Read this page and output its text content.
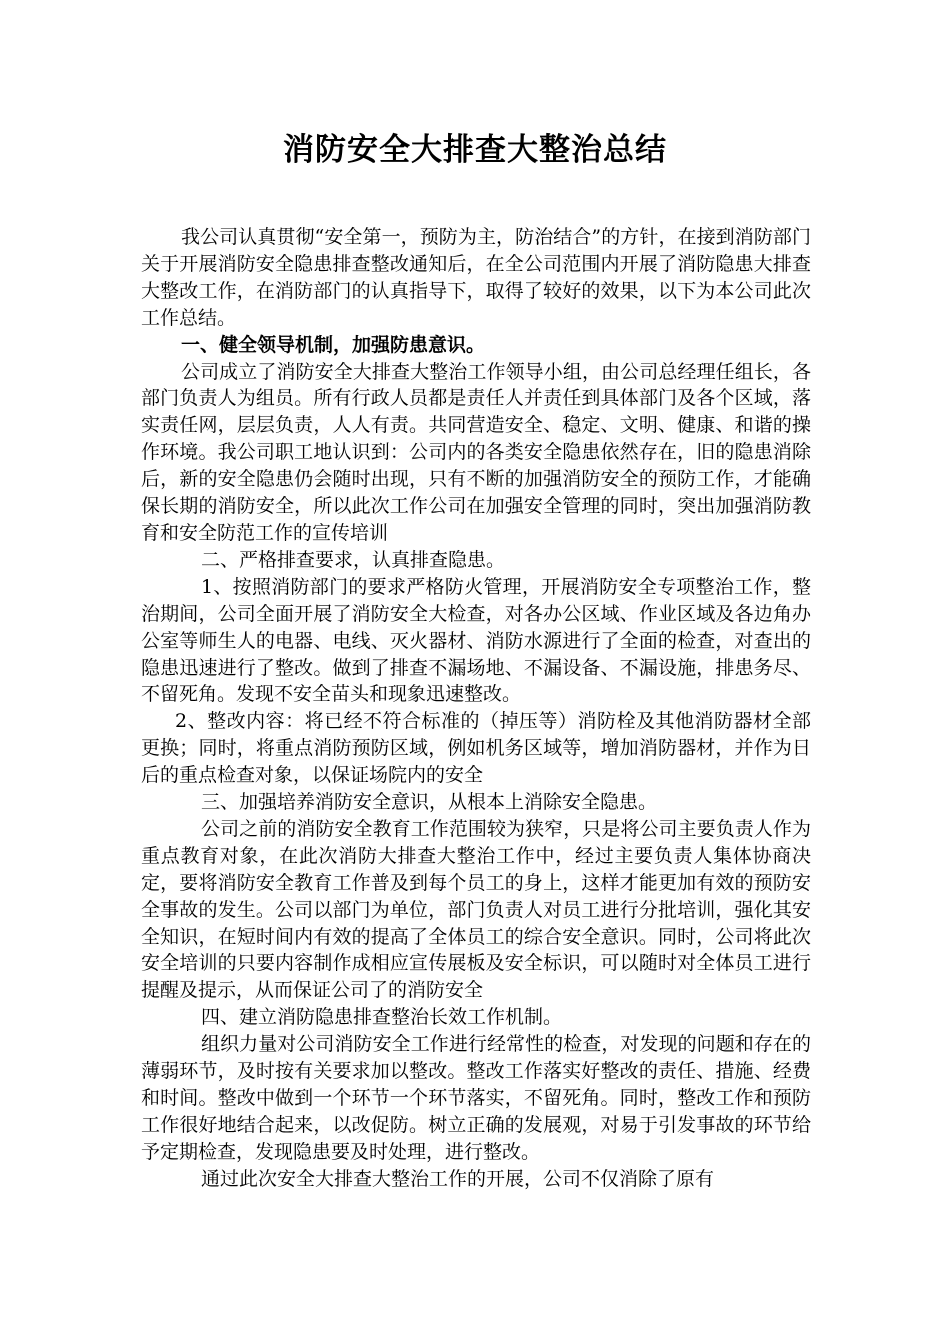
消防安全大排查大整治总结

我公司认真贯彻“安全第一，预防为主，防治结合”的方针，在接到消防部门关于开展消防安全隐患排查整改通知后，在全公司范围内开展了消防隐患大排查大整改工作，在消防部门的认真指导下，取得了较好的效果，以下为本公司此次工作总结。

一、健全领导机制，加强防患意识。

公司成立了消防安全大排查大整治工作领导小组，由公司总经理任组长，各部门负责人为组员。所有行政人员都是责任人并责任到具体部门及各个区域，落实责任网，层层负责，人人有责。共同营造安全、稳定、文明、健康、和谐的操作环境。我公司职工地认识到：公司内的各类安全隐患依然存在，旧的隐患消除后，新的安全隐患仍会随时出现，只有不断的加强消防安全的预防工作，才能确保长期的消防安全，所以此次工作公司在加强安全管理的同时，突出加强消防教育和安全防范工作的宣传培训

二、严格排查要求，认真排查隐患。

1、按照消防部门的要求严格防火管理，开展消防安全专项整治工作，整治期间，公司全面开展了消防安全大检查，对各办公区域、作业区域及各边角办公室等师生人的电器、电线、灭火器材、消防水源进行了全面的检查，对查出的隐患迅速进行了整改。做到了排查不漏场地、不漏设备、不漏设施，排患务尽、不留死角。发现不安全苗头和现象迅速整改。

2、整改内容：将已经不符合标准的（掉压等）消防栓及其他消防器材全部更换；同时，将重点消防预防区域，例如机务区域等，增加消防器材，并作为日后的重点检查对象，以保证场院内的安全

三、加强培养消防安全意识，从根本上消除安全隐患。

公司之前的消防安全教育工作范围较为狭窄，只是将公司主要负责人作为重点教育对象，在此次消防大排查大整治工作中，经过主要负责人集体协商决定，要将消防安全教育工作普及到每个员工的身上，这样才能更加有效的预防安全事故的发生。公司以部门为单位，部门负责人对员工进行分批培训，强化其安全知识，在短时间内有效的提高了全体员工的综合安全意识。同时，公司将此次安全培训的只要内容制作成相应宣传展板及安全标识，可以随时对全体员工进行提醒及提示，从而保证公司了的消防安全

四、建立消防隐患排查整治长效工作机制。

组织力量对公司消防安全工作进行经常性的检查，对发现的问题和存在的薄弱环节，及时按有关要求加以整改。整改工作落实好整改的责任、措施、经费和时间。整改中做到一个环节一个环节落实，不留死角。同时，整改工作和预防工作很好地结合起来，以改促防。树立正确的发展观，对易于引发事故的环节给予定期检查，发现隐患要及时处理，进行整改。

通过此次安全大排查大整治工作的开展，公司不仅消除了原有
